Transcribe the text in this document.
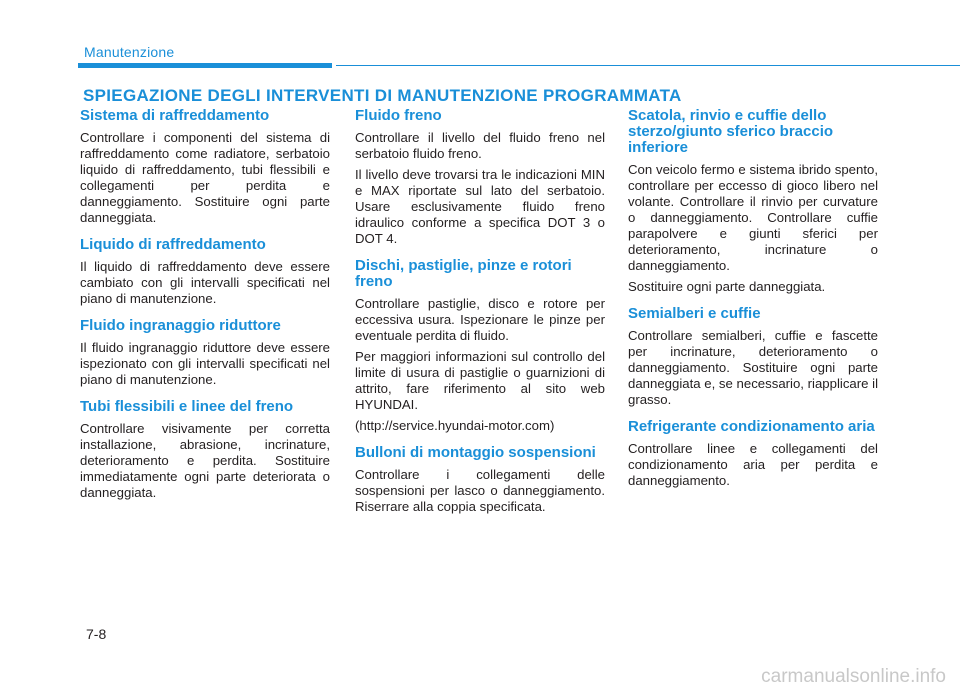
Manutenzione
SPIEGAZIONE DEGLI INTERVENTI DI MANUTENZIONE PROGRAMMATA
Sistema di raffreddamento

Controllare i componenti del sistema di raffreddamento come radiatore, serbatoio liquido di raffreddamento, tubi flessibili e collegamenti per perdita e danneggiamento. Sostituire ogni parte danneggiata.

Liquido di raffreddamento

Il liquido di raffreddamento deve essere cambiato con gli intervalli specificati nel piano di manutenzione.

Fluido ingranaggio riduttore

Il fluido ingranaggio riduttore deve essere ispezionato con gli intervalli specificati nel piano di manutenzione.

Tubi flessibili e linee del freno

Controllare visivamente per corretta installazione, abrasione, incrinature, deterioramento e perdita. Sostituire immediatamente ogni parte deteriorata o danneggiata.

Fluido freno

Controllare il livello del fluido freno nel serbatoio fluido freno.

Il livello deve trovarsi tra le indicazioni MIN e MAX riportate sul lato del serbatoio. Usare esclusivamente fluido freno idraulico conforme a specifica DOT 3 o DOT 4.

Dischi, pastiglie, pinze e rotori freno

Controllare pastiglie, disco e rotore per eccessiva usura. Ispezionare le pinze per eventuale perdita di fluido.

Per maggiori informazioni sul controllo del limite di usura di pastiglie o guarnizioni di attrito, fare riferimento al sito web HYUNDAI.

(http://service.hyundai-motor.com)

Bulloni di montaggio sospensioni

Controllare i collegamenti delle sospensioni per lasco o danneggiamento. Riserrare alla coppia specificata.

Scatola, rinvio e cuffie dello sterzo/giunto sferico braccio inferiore

Con veicolo fermo e sistema ibrido spento, controllare per eccesso di gioco libero nel volante. Controllare il rinvio per curvature o danneggiamento. Controllare cuffie parapolvere e giunti sferici per deterioramento, incrinature o danneggiamento.

Sostituire ogni parte danneggiata.

Semialberi e cuffie

Controllare semialberi, cuffie e fascette per incrinature, deterioramento o danneggiamento. Sostituire ogni parte danneggiata e, se necessario, riapplicare il grasso.

Refrigerante condizionamento aria

Controllare linee e collegamenti del condizionamento aria per perdita e danneggiamento.

7-8
carmanualsonline.info
